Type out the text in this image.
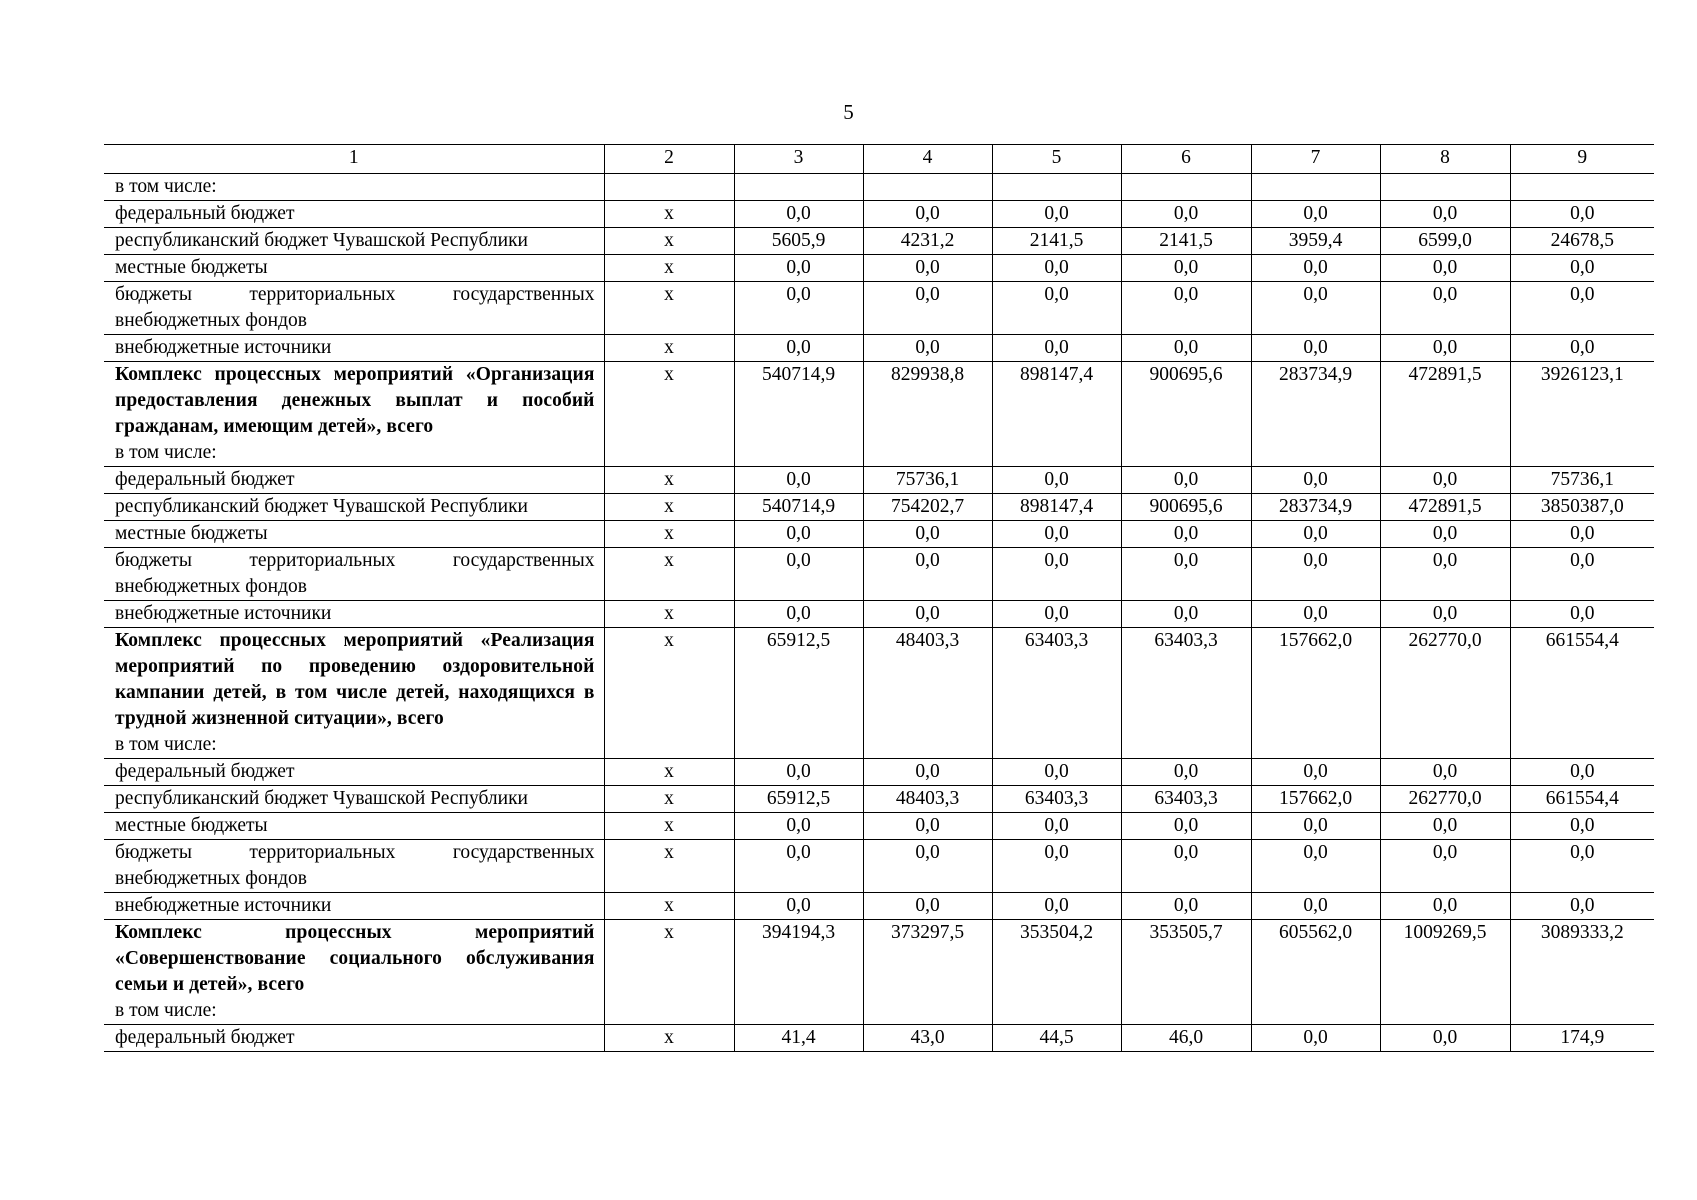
5
1	2	3	4	5	6	7	8	9
в том числе:								
федеральный бюджет	x	0,0	0,0	0,0	0,0	0,0	0,0	0,0
республиканский бюджет Чувашской Республики	x	5605,9	4231,2	2141,5	2141,5	3959,4	6599,0	24678,5
местные бюджеты	x	0,0	0,0	0,0	0,0	0,0	0,0	0,0
бюджеты территориальных государственных внебюджетных фондов	x	0,0	0,0	0,0	0,0	0,0	0,0	0,0
внебюджетные источники	x	0,0	0,0	0,0	0,0	0,0	0,0	0,0

Комплекс процессных мероприятий «Организация предоставления денежных выплат и пособий гражданам, имеющим детей», всего
в том числе:	x	540714,9	829938,8	898147,4	900695,6	283734,9	472891,5	3926123,1
федеральный бюджет	x	0,0	75736,1	0,0	0,0	0,0	0,0	75736,1
республиканский бюджет Чувашской Республики	x	540714,9	754202,7	898147,4	900695,6	283734,9	472891,5	3850387,0
местные бюджеты	x	0,0	0,0	0,0	0,0	0,0	0,0	0,0
бюджеты территориальных государственных внебюджетных фондов	x	0,0	0,0	0,0	0,0	0,0	0,0	0,0
внебюджетные источники	x	0,0	0,0	0,0	0,0	0,0	0,0	0,0

Комплекс процессных мероприятий «Реализация мероприятий по проведению оздоровительной кампании детей, в том числе детей, находящихся в трудной жизненной ситуации», всего
в том числе:	x	65912,5	48403,3	63403,3	63403,3	157662,0	262770,0	661554,4
федеральный бюджет	x	0,0	0,0	0,0	0,0	0,0	0,0	0,0
республиканский бюджет Чувашской Республики	x	65912,5	48403,3	63403,3	63403,3	157662,0	262770,0	661554,4
местные бюджеты	x	0,0	0,0	0,0	0,0	0,0	0,0	0,0
бюджеты территориальных государственных внебюджетных фондов	x	0,0	0,0	0,0	0,0	0,0	0,0	0,0
внебюджетные источники	x	0,0	0,0	0,0	0,0	0,0	0,0	0,0

Комплекс процессных мероприятий «Совершенствование социального обслуживания семьи и детей», всего
в том числе:	x	394194,3	373297,5	353504,2	353505,7	605562,0	1009269,5	3089333,2
федеральный бюджет	x	41,4	43,0	44,5	46,0	0,0	0,0	174,9
